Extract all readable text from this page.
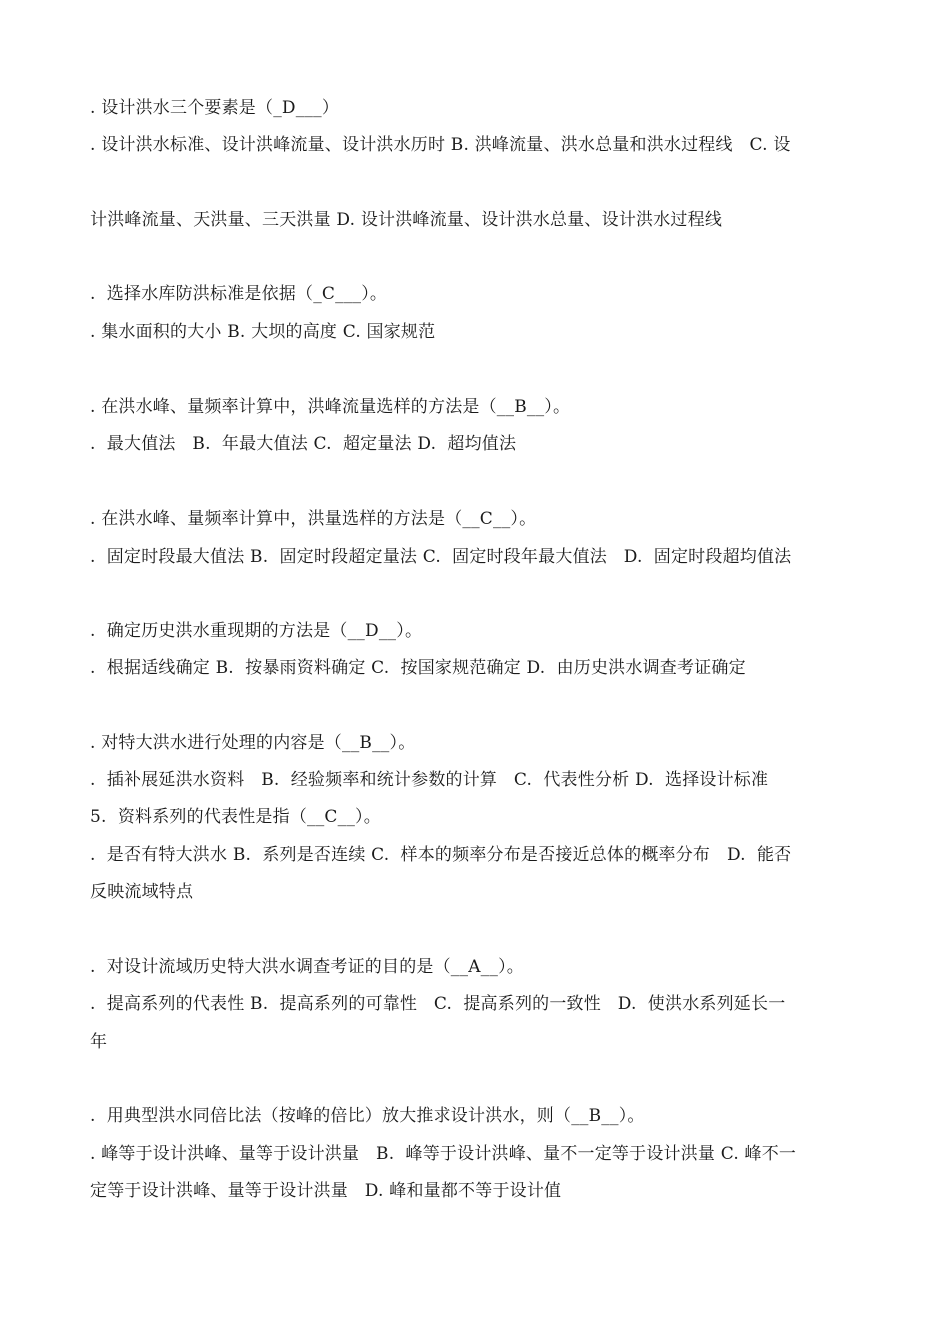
. 设计洪水三个要素是（_D___）
. 设计洪水标准、设计洪峰流量、设计洪水历时 B. 洪峰流量、洪水总量和洪水过程线   C. 设
计洪峰流量、天洪量、三天洪量 D. 设计洪峰流量、设计洪水总量、设计洪水过程线
.  选择水库防洪标准是依据（_C___）。
. 集水面积的大小 B. 大坝的高度 C. 国家规范
. 在洪水峰、量频率计算中，洪峰流量选样的方法是（__B__）。
.  最大值法   B.  年最大值法 C.  超定量法 D.  超均值法
. 在洪水峰、量频率计算中，洪量选样的方法是（__C__）。
.  固定时段最大值法 B.  固定时段超定量法 C.  固定时段年最大值法   D.  固定时段超均值法
.  确定历史洪水重现期的方法是（__D__）。
.  根据适线确定 B.  按暴雨资料确定 C.  按国家规范确定 D.  由历史洪水调查考证确定
. 对特大洪水进行处理的内容是（__B__）。
.  插补展延洪水资料   B.  经验频率和统计参数的计算   C.  代表性分析 D.  选择设计标准
5.  资料系列的代表性是指（__C__）。
.  是否有特大洪水 B.  系列是否连续 C.  样本的频率分布是否接近总体的概率分布   D.  能否
反映流域特点
.  对设计流域历史特大洪水调查考证的目的是（__A__）。
.  提高系列的代表性 B.  提高系列的可靠性   C.  提高系列的一致性   D.  使洪水系列延长一
年
.  用典型洪水同倍比法（按峰的倍比）放大推求设计洪水，则（__B__）。
. 峰等于设计洪峰、量等于设计洪量   B.  峰等于设计洪峰、量不一定等于设计洪量 C. 峰不一
定等于设计洪峰、量等于设计洪量   D. 峰和量都不等于设计值
